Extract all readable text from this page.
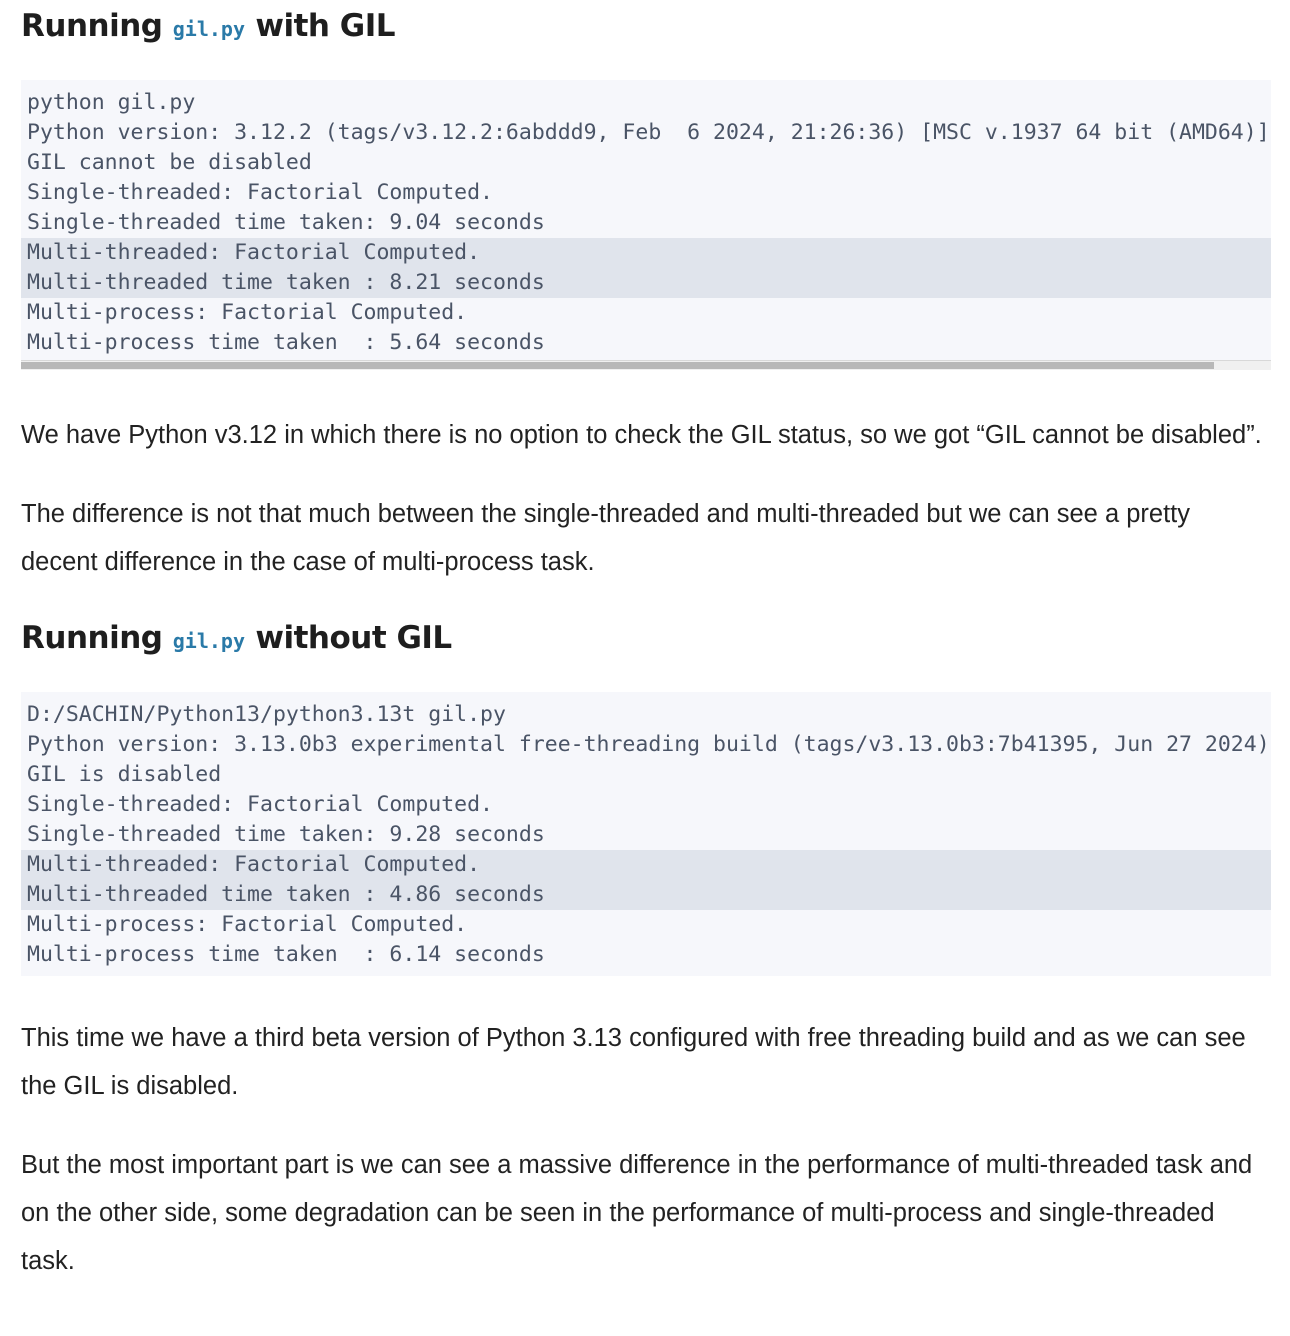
Running gil.py with GIL
python gil.py
Python version: 3.12.2 (tags/v3.12.2:6abddd9, Feb  6 2024, 21:26:36) [MSC v.1937 64 bit (AMD64)]
GIL cannot be disabled
Single-threaded: Factorial Computed.
Single-threaded time taken: 9.04 seconds
Multi-threaded: Factorial Computed.
Multi-threaded time taken : 8.21 seconds
Multi-process: Factorial Computed.
Multi-process time taken  : 5.64 seconds

We have Python v3.12 in which there is no option to check the GIL status, so we got “GIL cannot be disabled”.

The difference is not that much between the single-threaded and multi-threaded but we can see a pretty decent difference in the case of multi-process task.

Running gil.py without GIL
D:/SACHIN/Python13/python3.13t gil.py
Python version: 3.13.0b3 experimental free-threading build (tags/v3.13.0b3:7b41395, Jun 27 2024)
GIL is disabled
Single-threaded: Factorial Computed.
Single-threaded time taken: 9.28 seconds
Multi-threaded: Factorial Computed.
Multi-threaded time taken : 4.86 seconds
Multi-process: Factorial Computed.
Multi-process time taken  : 6.14 seconds

This time we have a third beta version of Python 3.13 configured with free threading build and as we can see the GIL is disabled.

But the most important part is we can see a massive difference in the performance of multi-threaded task and on the other side, some degradation can be seen in the performance of multi-process and single-threaded task.
